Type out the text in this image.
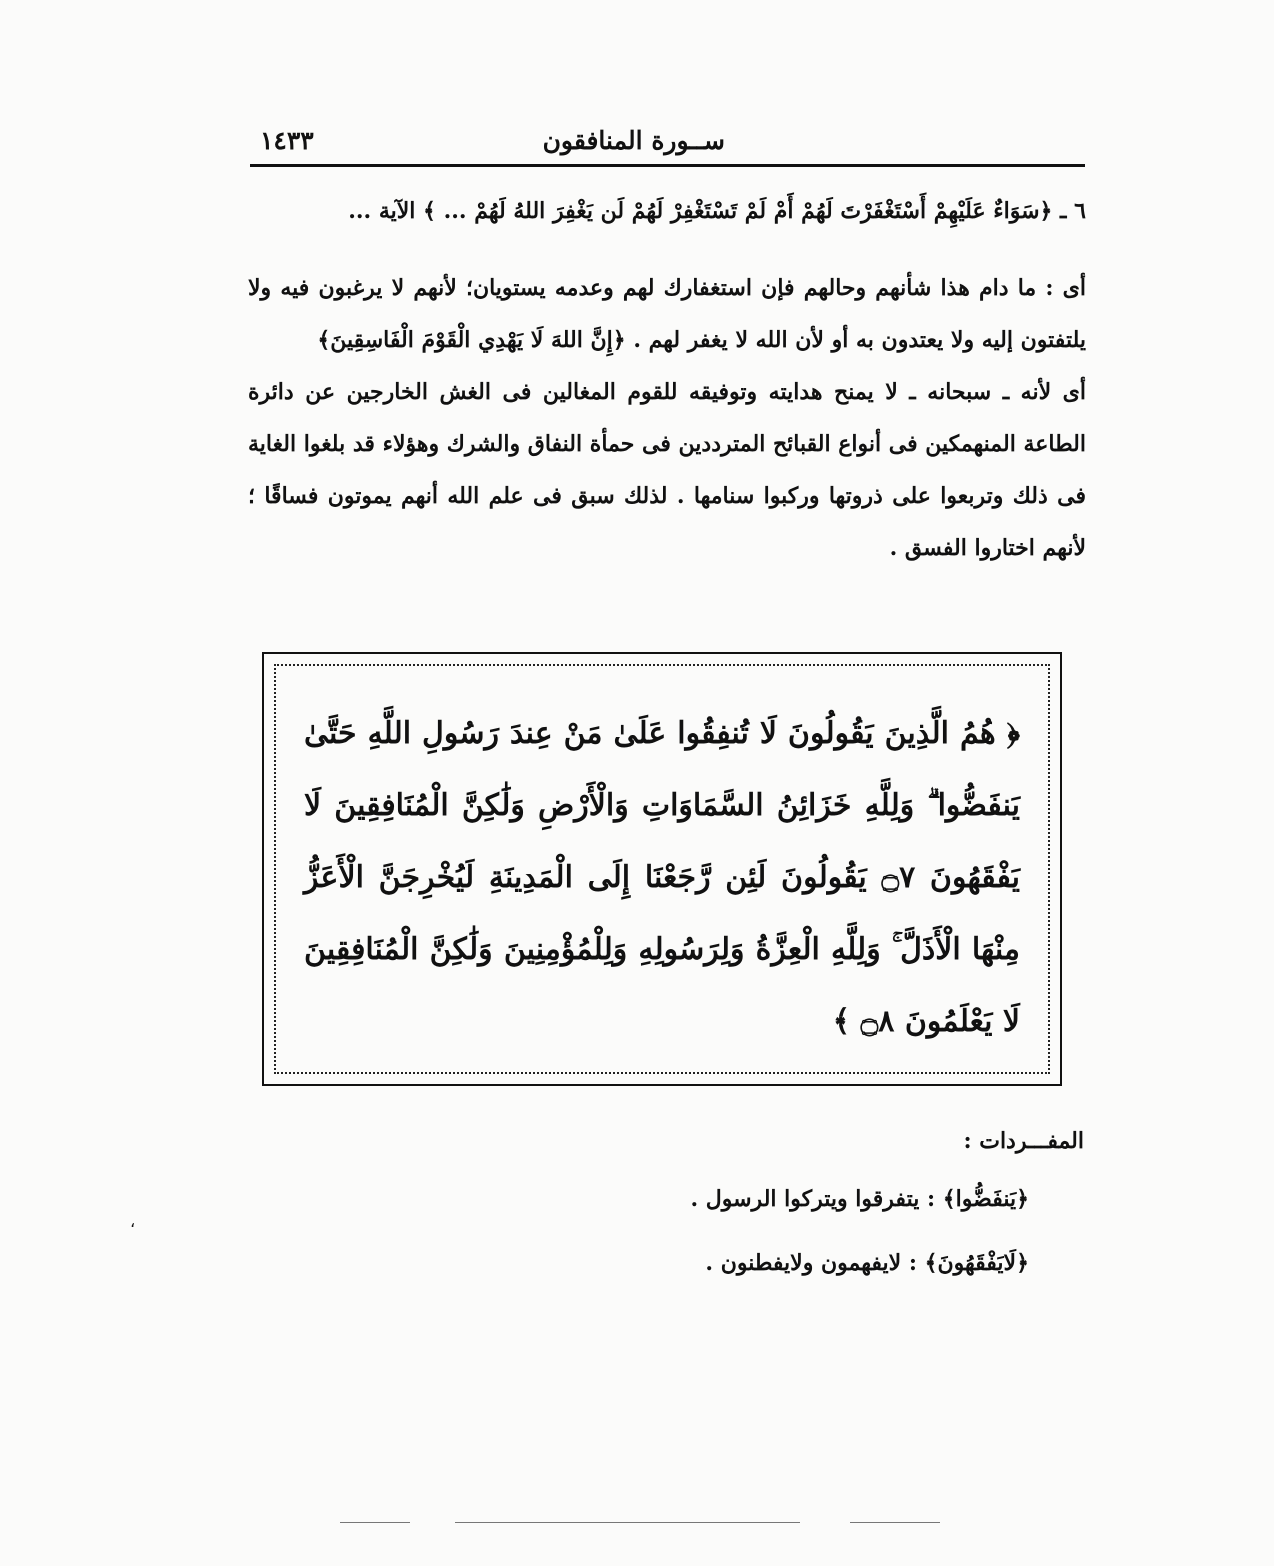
ســورة المنافقون
١٤٣٣
٦ ـ ﴿سَوَاءٌ عَلَيْهِمْ أَسْتَغْفَرْتَ لَهُمْ أَمْ لَمْ تَسْتَغْفِرْ لَهُمْ لَن يَغْفِرَ اللهُ لَهُمْ ... ﴾ الآية ...
أى : ما دام هذا شأنهم وحالهم فإن استغفارك لهم وعدمه يستويان؛ لأنهم لا يرغبون فيه ولا يلتفتون إليه ولا يعتدون به أو لأن الله لا يغفر لهم . ﴿إِنَّ اللهَ لَا يَهْدِي الْقَوْمَ الْفَاسِقِينَ﴾
أى لأنه ـ سبحانه ـ لا يمنح هدايته وتوفيقه للقوم المغالين فى الغش الخارجين عن دائرة الطاعة المنهمكين فى أنواع القبائح المترددين فى حمأة النفاق والشرك وهؤلاء قد بلغوا الغاية فى ذلك وتربعوا على ذروتها وركبوا سنامها . لذلك سبق فى علم الله أنهم يموتون فساقًا ؛ لأنهم اختاروا الفسق .
﴿ هُمُ الَّذِينَ يَقُولُونَ لَا تُنفِقُوا عَلَىٰ مَنْ عِندَ رَسُولِ اللَّهِ حَتَّىٰ يَنفَضُّوا ۗ وَلِلَّهِ خَزَائِنُ السَّمَاوَاتِ وَالْأَرْضِ وَلَٰكِنَّ الْمُنَافِقِينَ لَا يَفْقَهُونَ ۝٧ يَقُولُونَ لَئِن رَّجَعْنَا إِلَى الْمَدِينَةِ لَيُخْرِجَنَّ الْأَعَزُّ مِنْهَا الْأَذَلَّ ۚ وَلِلَّهِ الْعِزَّةُ وَلِرَسُولِهِ وَلِلْمُؤْمِنِينَ وَلَٰكِنَّ الْمُنَافِقِينَ لَا يَعْلَمُونَ ۝٨ ﴾
المفـــردات :
﴿يَنفَضُّوا﴾ : يتفرقوا ويتركوا الرسول .
﴿لَايَفْقَهُونَ﴾ : لايفهمون ولايفطنون .
،
